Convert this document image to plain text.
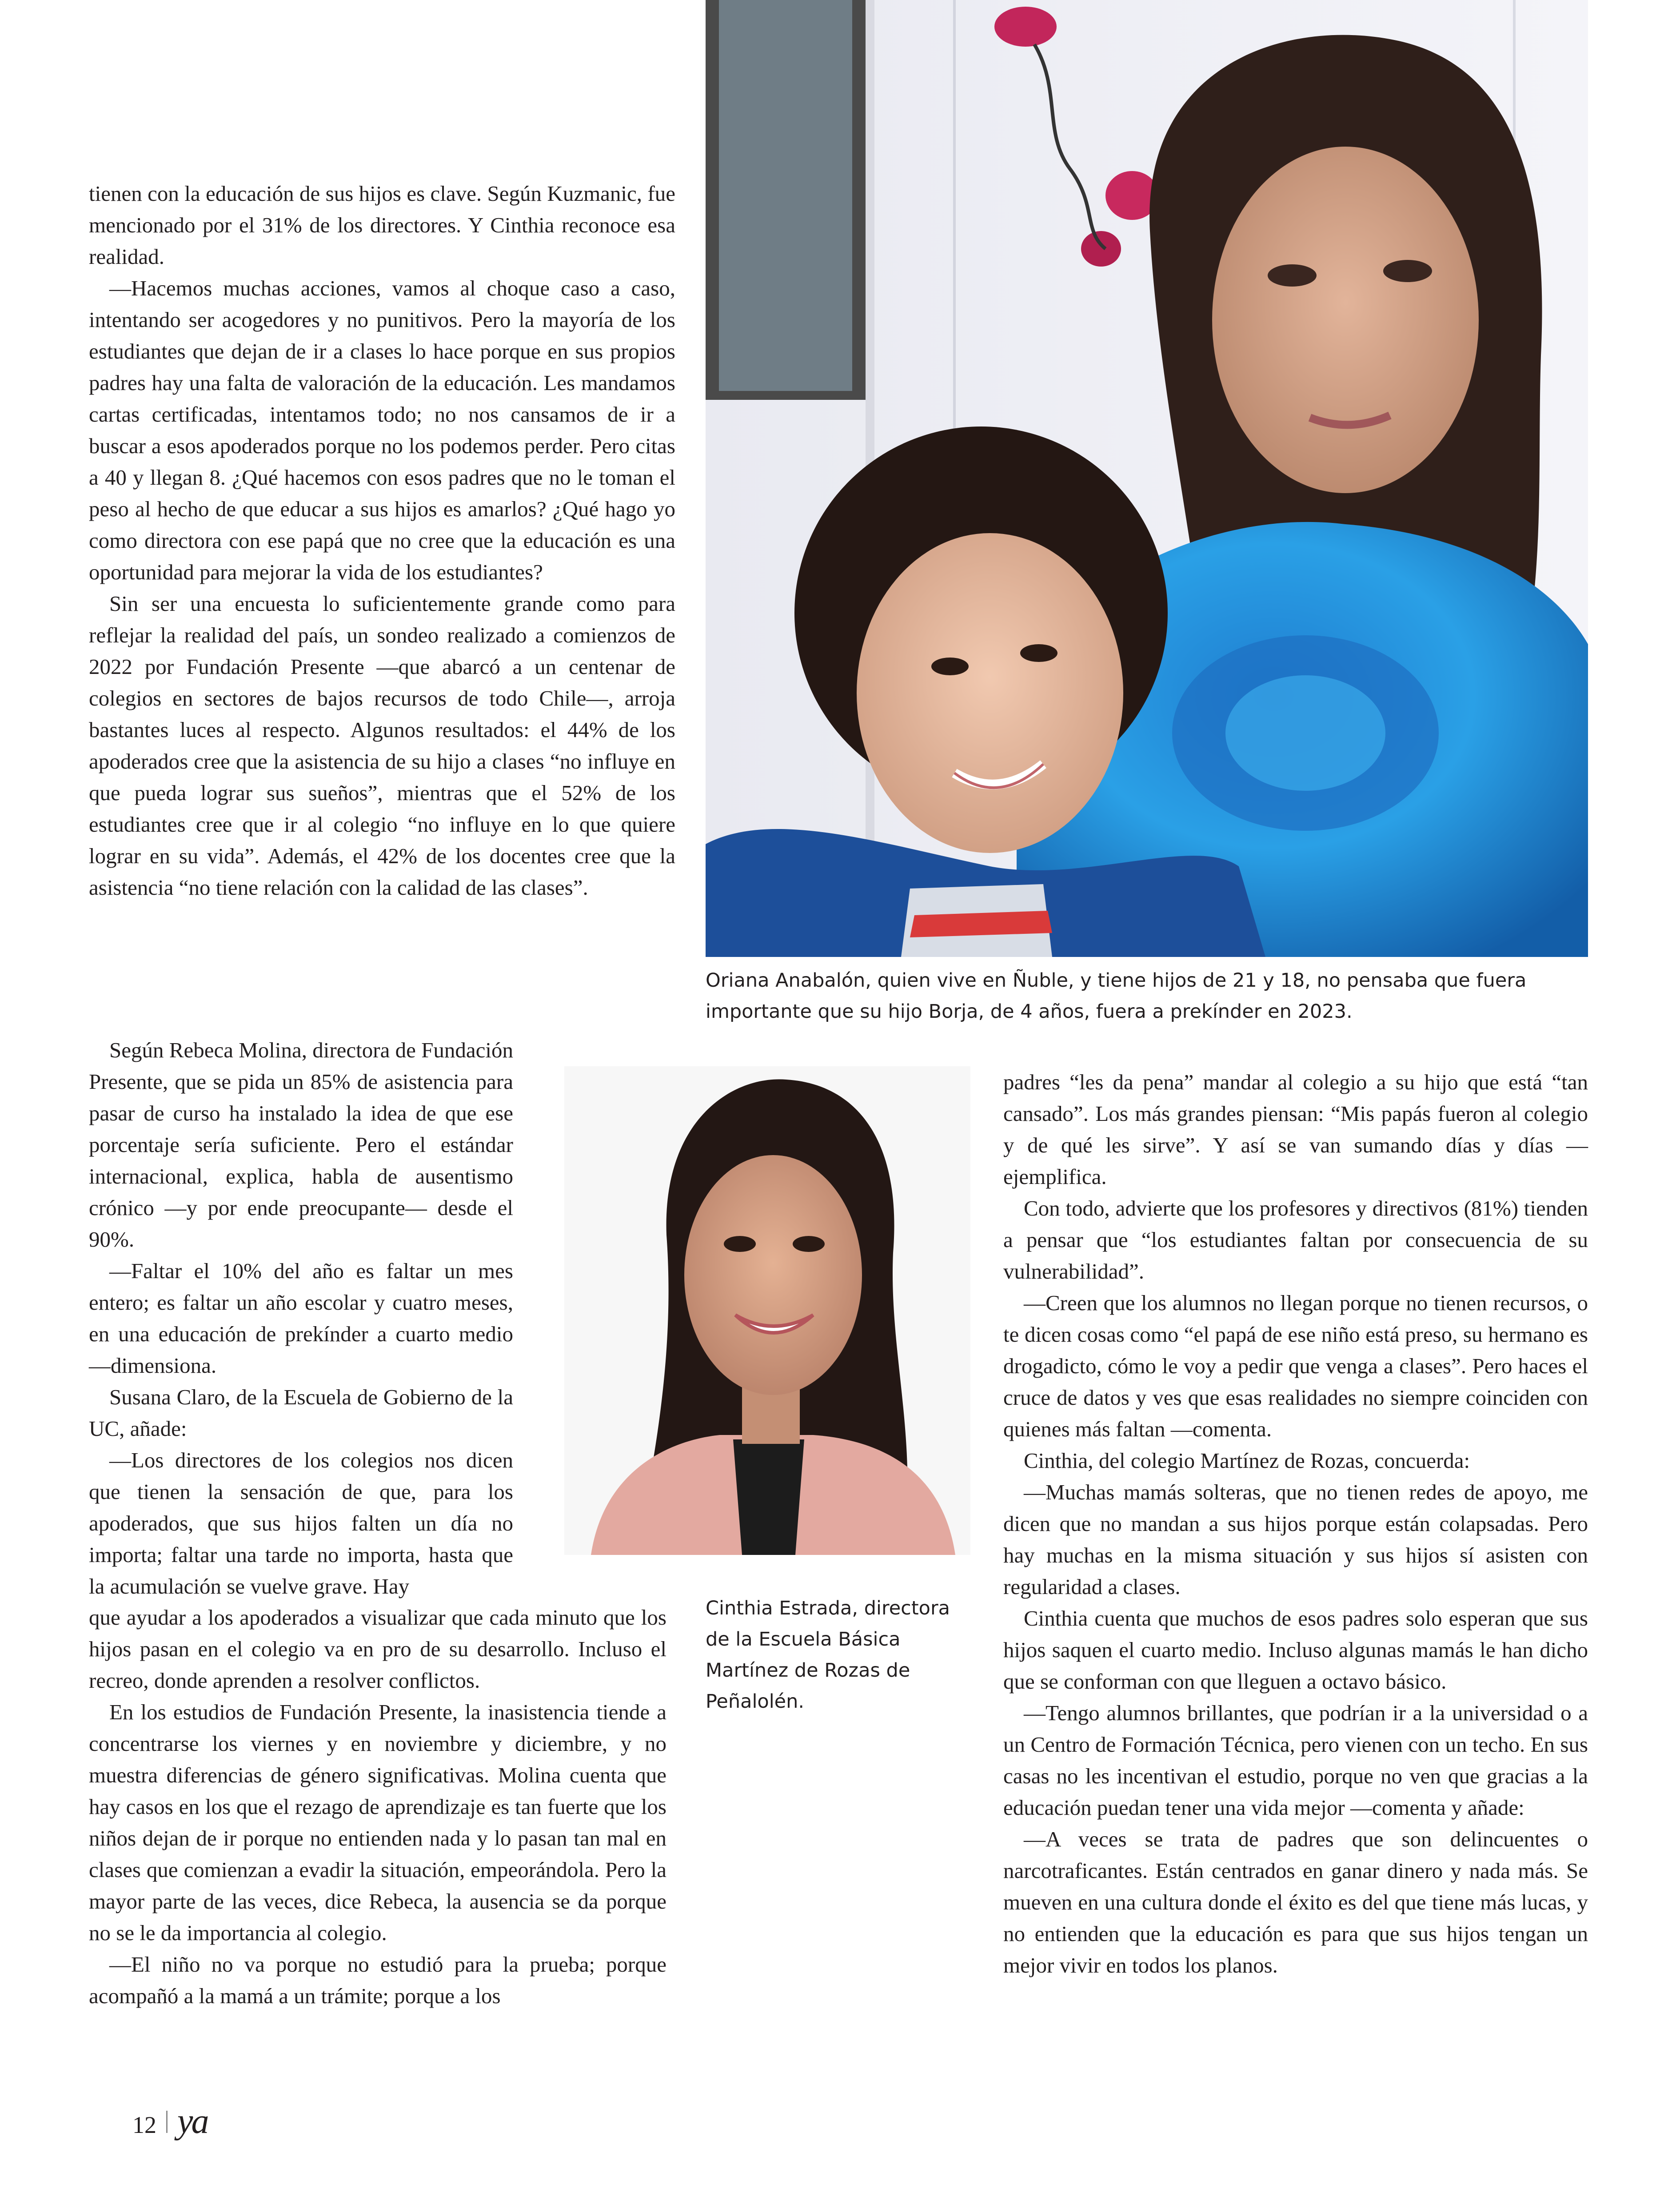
Oriana Anabalón, quien vive en Ñuble, y tiene hijos de 21 y 18, no pensaba que fuera importante que su hijo Borja, de 4 años, fuera a prekínder en 2023.
Cinthia Estrada, directora de la Escuela Básica Martínez de Rozas de Peñalolén.

tienen con la educación de sus hijos es clave. Según Kuzmanic, fue mencionado por el 31% de los directores. Y Cinthia reconoce esa realidad.

—Hacemos muchas acciones, vamos al choque caso a caso, intentando ser acogedores y no punitivos. Pero la mayoría de los estudiantes que dejan de ir a clases lo hace porque en sus propios padres hay una falta de valoración de la educación. Les mandamos cartas certificadas, intentamos todo; no nos cansamos de ir a buscar a esos apoderados porque no los podemos perder. Pero citas a 40 y llegan 8. ¿Qué hacemos con esos padres que no le toman el peso al hecho de que educar a sus hijos es amarlos? ¿Qué hago yo como directora con ese papá que no cree que la educación es una oportunidad para mejorar la vida de los estudiantes?

Sin ser una encuesta lo suficientemente grande como para reflejar la realidad del país, un sondeo realizado a comienzos de 2022 por Fundación Presente —que abarcó a un centenar de colegios en sectores de bajos recursos de todo Chile—, arroja bastantes luces al respecto. Algunos resultados: el 44% de los apoderados cree que la asistencia de su hijo a clases “no influye en que pueda lograr sus sueños”, mientras que el 52% de los estudiantes cree que ir al colegio “no influye en lo que quiere lograr en su vida”. Además, el 42% de los docentes cree que la asistencia “no tiene relación con la calidad de las clases”.

Según Rebeca Molina, directora de Fundación Presente, que se pida un 85% de asistencia para pasar de curso ha instalado la idea de que ese porcentaje sería suficiente. Pero el estándar internacional, explica, habla de ausentismo crónico —y por ende preocupante— desde el 90%.

—Faltar el 10% del año es faltar un mes entero; es faltar un año escolar y cuatro meses, en una educación de prekínder a cuarto medio —dimensiona.

Susana Claro, de la Escuela de Gobierno de la UC, añade:

—Los directores de los colegios nos dicen que tienen la sensación de que, para los apoderados, que sus hijos falten un día no importa; faltar una tarde no importa, hasta que la acumulación se vuelve grave. Hay

que ayudar a los apoderados a visualizar que cada minuto que los hijos pasan en el colegio va en pro de su desarrollo. Incluso el recreo, donde aprenden a resolver conflictos.

En los estudios de Fundación Presente, la inasistencia tiende a concentrarse los viernes y en noviembre y diciembre, y no muestra diferencias de género significativas. Molina cuenta que hay casos en los que el rezago de aprendizaje es tan fuerte que los niños dejan de ir porque no entienden nada y lo pasan tan mal en clases que comienzan a evadir la situación, empeorándola. Pero la mayor parte de las veces, dice Rebeca, la ausencia se da porque no se le da importancia al colegio.

—El niño no va porque no estudió para la prueba; porque acompañó a la mamá a un trámite; porque a los

padres “les da pena” mandar al colegio a su hijo que está “tan cansado”. Los más grandes piensan: “Mis papás fueron al colegio y de qué les sirve”. Y así se van sumando días y días —ejemplifica.

Con todo, advierte que los profesores y directivos (81%) tienden a pensar que “los estudiantes faltan por consecuencia de su vulnerabilidad”.

—Creen que los alumnos no llegan porque no tienen recursos, o te dicen cosas como “el papá de ese niño está preso, su hermano es drogadicto, cómo le voy a pedir que venga a clases”. Pero haces el cruce de datos y ves que esas realidades no siempre coinciden con quienes más faltan —comenta.

Cinthia, del colegio Martínez de Rozas, concuerda:

—Muchas mamás solteras, que no tienen redes de apoyo, me dicen que no mandan a sus hijos porque están colapsadas. Pero hay muchas en la misma situación y sus hijos sí asisten con regularidad a clases.

Cinthia cuenta que muchos de esos padres solo esperan que sus hijos saquen el cuarto medio. Incluso algunas mamás le han dicho que se conforman con que lleguen a octavo básico.

—Tengo alumnos brillantes, que podrían ir a la universidad o a un Centro de Formación Técnica, pero vienen con un techo. En sus casas no les incentivan el estudio, porque no ven que gracias a la educación puedan tener una vida mejor —comenta y añade:

—A veces se trata de padres que son delincuentes o narcotraficantes. Están centrados en ganar dinero y nada más. Se mueven en una cultura donde el éxito es del que tiene más lucas, y no entienden que la educación es para que sus hijos tengan un mejor vivir en todos los planos.

12 ya
